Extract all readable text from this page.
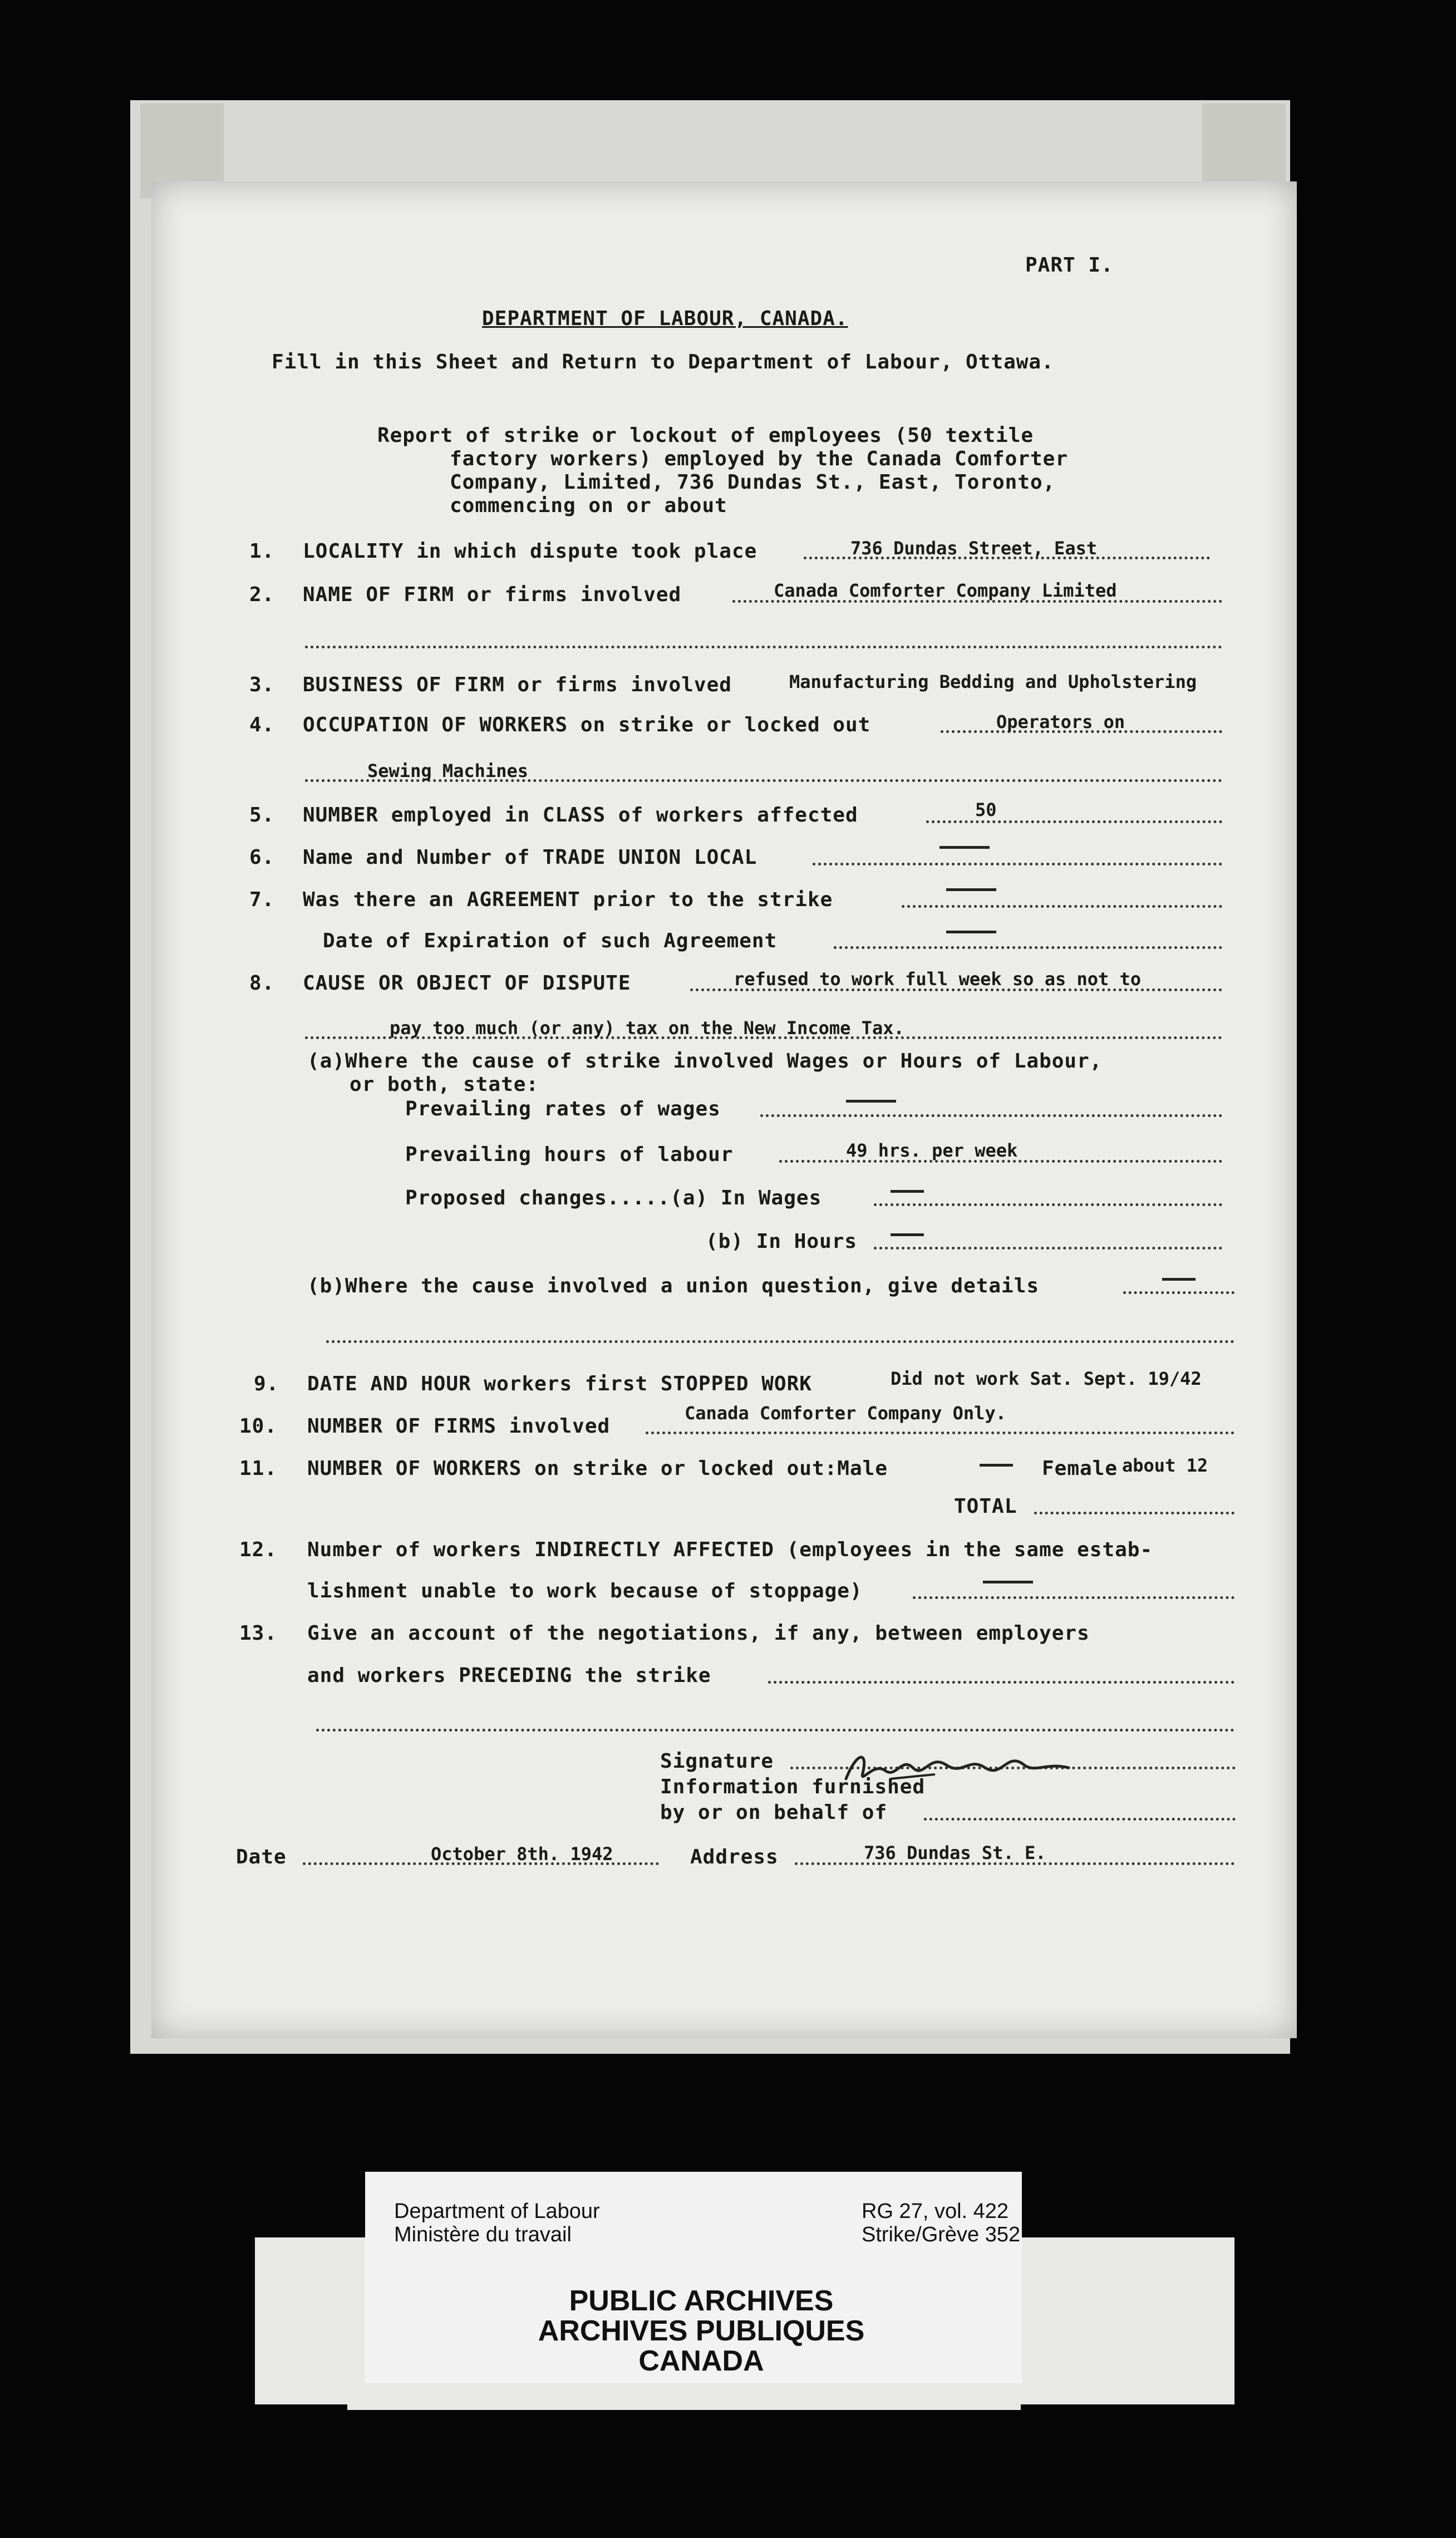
PART I.
DEPARTMENT OF LABOUR, CANADA.
Fill in this Sheet and Return to Department of Labour, Ottawa.
Report of strike or lockout of employees (50 textile
factory workers) employed by the Canada Comforter
Company, Limited, 736 Dundas St., East, Toronto,
commencing on or about
1. LOCALITY in which dispute took place	736 Dundas Street, East
2. NAME OF FIRM or firms involved	Canada Comforter Company Limited
3. BUSINESS OF FIRM or firms involved	Manufacturing Bedding and Upholstering
4. OCCUPATION OF WORKERS on strike or locked out	Operators on
Sewing Machines
5. NUMBER employed in CLASS of workers affected	50
6. Name and Number of TRADE UNION LOCAL
7. Was there an AGREEMENT prior to the strike
Date of Expiration of such Agreement
8. CAUSE OR OBJECT OF DISPUTE	refused to work full week so as not to
pay too much (or any) tax on the New Income Tax.
(a)Where the cause of strike involved Wages or Hours of Labour,
or both, state:
Prevailing rates of wages
Prevailing hours of labour	49 hrs. per week
Proposed changes.....(a) In Wages
(b) In Hours
(b)Where the cause involved a union question, give details
9. DATE AND HOUR workers first STOPPED WORK	Did not work Sat. Sept. 19/42
10. NUMBER OF FIRMS involved
Canada Comforter Company Only.
11. NUMBER OF WORKERS on strike or locked out:Male	Female about 12
TOTAL
12. Number of workers INDIRECTLY AFFECTED (employees in the same estab-
lishment unable to work because of stoppage)
13. Give an account of the negotiations, if any, between employers
and workers PRECEDING the strike
Signature
Information furnished
by or on behalf of
Date	October 8th. 1942	Address	736 Dundas St. E.
Department of Labour
Ministère du travail
RG 27, vol. 422
Strike/Grève 352
PUBLIC ARCHIVES
ARCHIVES PUBLIQUES
CANADA
